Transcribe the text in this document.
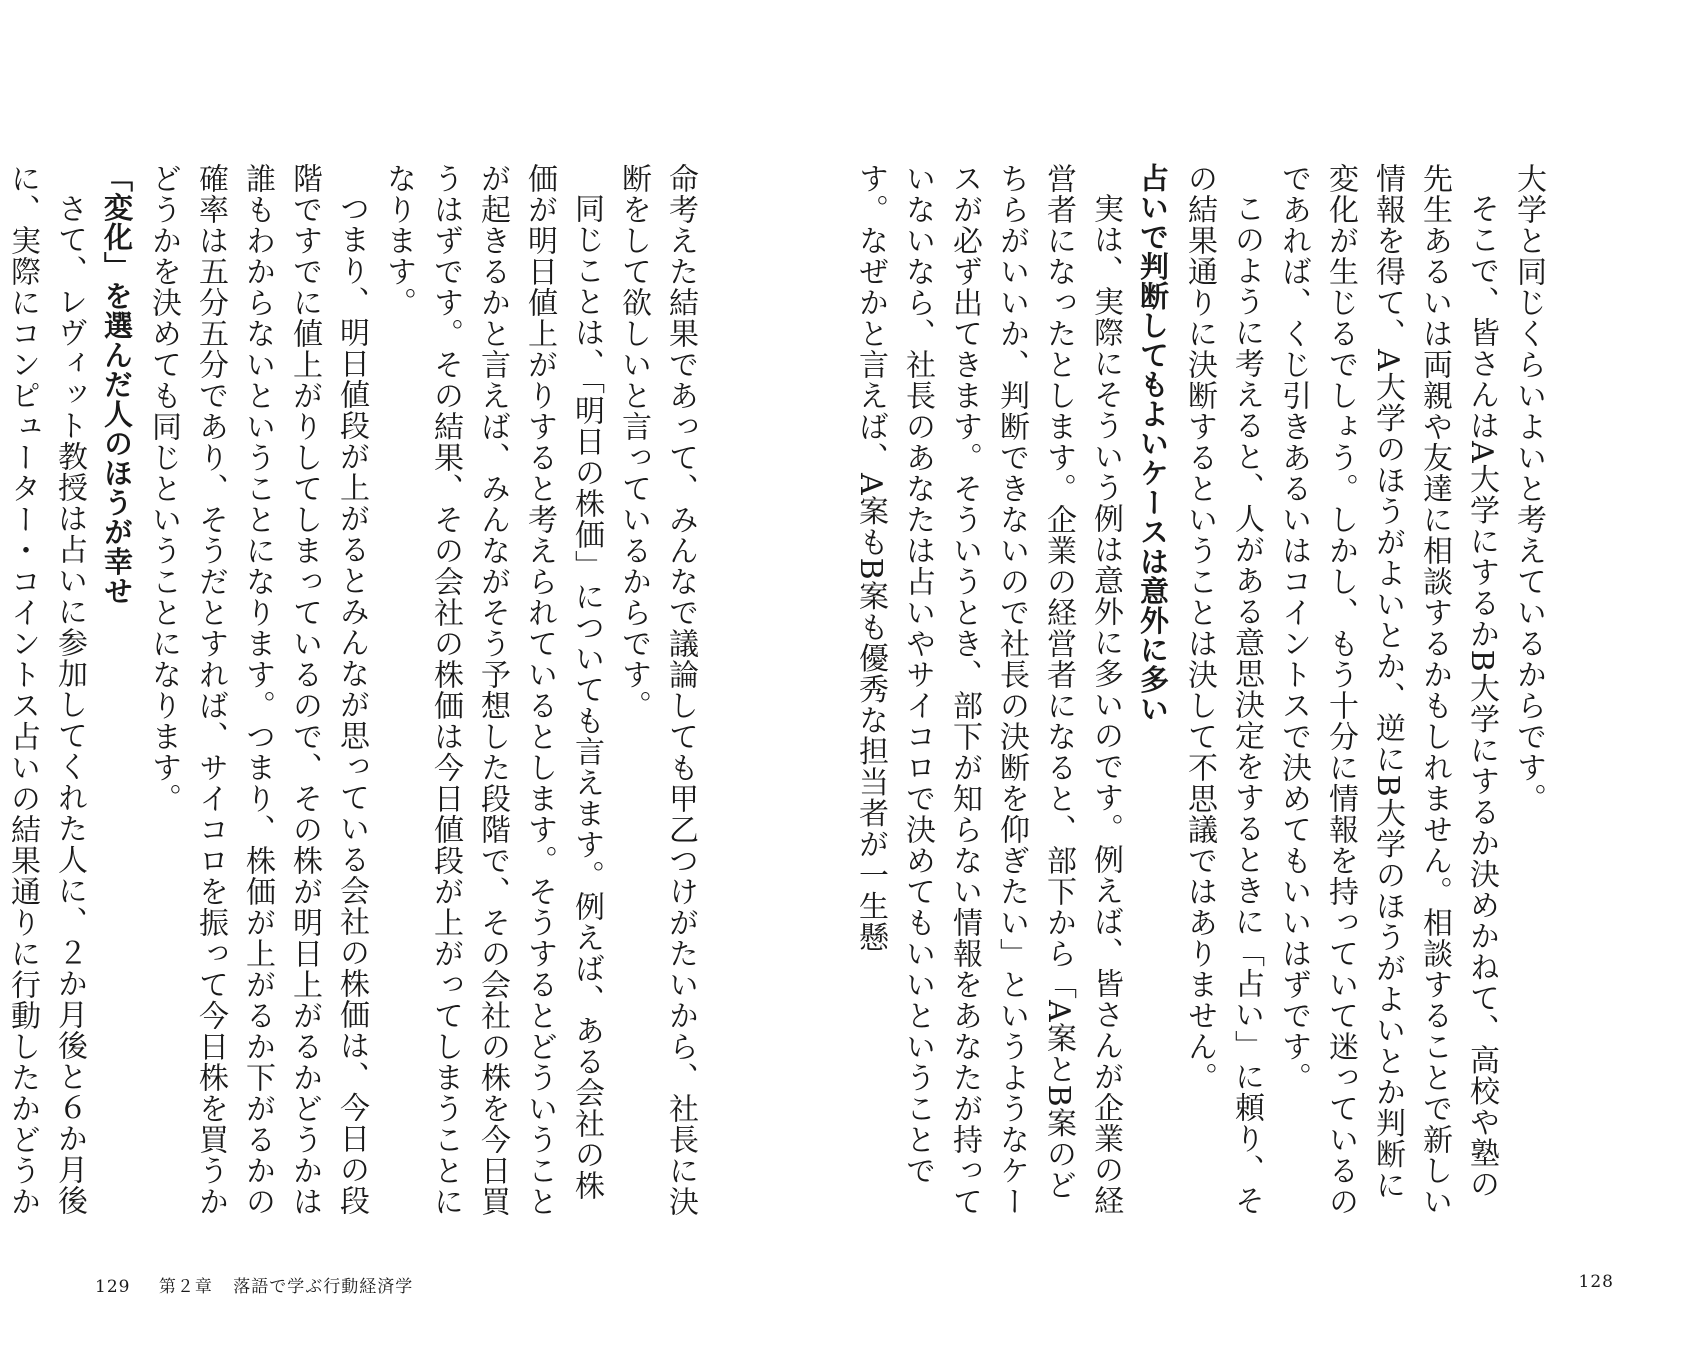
命考えた結果であって、みんなで議論しても甲乙つけがたいから、社長に決断をして欲しいと言っているからです。

同じことは、「明日の株価」についても言えます。例えば、ある会社の株価が明日値上がりすると考えられているとします。そうするとどういうことが起きるかと言えば、みんながそう予想した段階で、その会社の株を今日買うはずです。その結果、その会社の株価は今日値段が上がってしまうことになります。

つまり、明日値段が上がるとみんなが思っている会社の株価は、今日の段階ですでに値上がりしてしまっているので、その株が明日上がるかどうかは誰もわからないということになります。つまり、株価が上がるか下がるかの確率は五分五分であり、そうだとすれば、サイコロを振って今日株を買うかどうかを決めても同じということになります。

「変化」を選んだ人のほうが幸せ

さて、レヴィット教授は占いに参加してくれた人に、２か月後と６か月後に、実際にコンピューター・コイントス占いの結果通りに行動したかどうか

129 第２章 落語で学ぶ行動経済学

大学と同じくらいよいと考えているからです。

そこで、皆さんはA大学にするかB大学にするか決めかねて、高校や塾の先生あるいは両親や友達に相談するかもしれません。相談することで新しい情報を得て、A大学のほうがよいとか、逆にB大学のほうがよいとか判断に変化が生じるでしょう。しかし、もう十分に情報を持っていて迷っているのであれば、くじ引きあるいはコイントスで決めてもいいはずです。

このように考えると、人がある意思決定をするときに「占い」に頼り、その結果通りに決断するということは決して不思議ではありません。

占いで判断してもよいケースは意外に多い

実は、実際にそういう例は意外に多いのです。例えば、皆さんが企業の経営者になったとします。企業の経営者になると、部下から「A案とB案のどちらがいいか、判断できないので社長の決断を仰ぎたい」というようなケースが必ず出てきます。そういうとき、部下が知らない情報をあなたが持っていないなら、社長のあなたは占いやサイコロで決めてもいいということです。なぜかと言えば、A案もB案も優秀な担当者が一生懸

128
